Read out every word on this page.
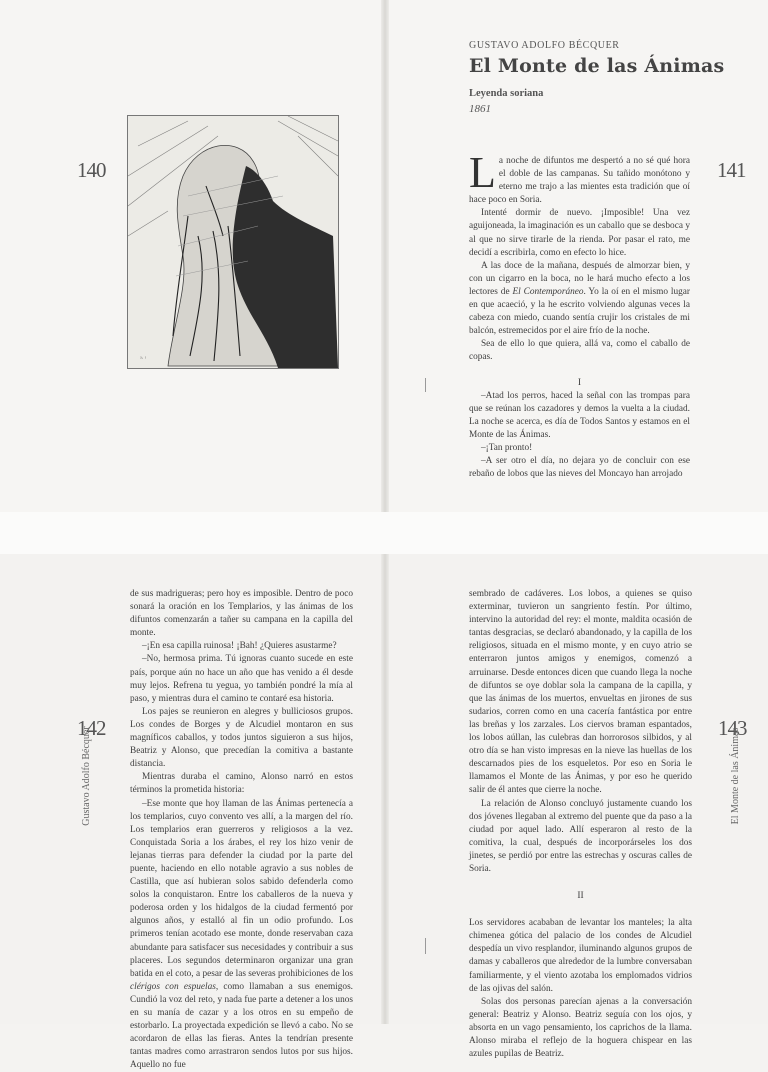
140	141
ᵃ· ᶦ
GUSTAVO ADOLFO BÉCQUER
El Monte de las Ánimas
Leyenda soriana
1861

La noche de difuntos me despertó a no sé qué hora el doble de las campanas. Su tañido monótono y eterno me trajo a las mientes esta tradición que oí hace poco en Soria.

Intenté dormir de nuevo. ¡Imposible! Una vez aguijoneada, la imaginación es un caballo que se desboca y al que no sirve tirarle de la rienda. Por pasar el rato, me decidí a escribirla, como en efecto lo hice.

A las doce de la mañana, después de almorzar bien, y con un cigarro en la boca, no le hará mucho efecto a los lectores de El Contemporáneo. Yo la oí en el mismo lugar en que acaeció, y la he escrito volviendo algunas veces la cabeza con miedo, cuando sentía crujir los cristales de mi balcón, estremecidos por el aire frío de la noche.

Sea de ello lo que quiera, allá va, como el caballo de copas.

I

–Atad los perros, haced la señal con las trompas para que se reúnan los cazadores y demos la vuelta a la ciudad. La noche se acerca, es día de Todos Santos y estamos en el Monte de las Ánimas.

–¡Tan pronto!

–A ser otro el día, no dejara yo de concluir con ese rebaño de lobos que las nieves del Moncayo han arrojado

142	143
Gustavo Adolfo Bécquer	El Monte de las Ánimas

de sus madrigueras; pero hoy es imposible. Dentro de poco sonará la oración en los Templarios, y las ánimas de los difuntos comenzarán a tañer su campana en la capilla del monte.

–¡En esa capilla ruinosa! ¡Bah! ¿Quieres asustarme?

–No, hermosa prima. Tú ignoras cuanto sucede en este país, porque aún no hace un año que has venido a él desde muy lejos. Refrena tu yegua, yo también pondré la mía al paso, y mientras dura el camino te contaré esa historia.

Los pajes se reunieron en alegres y bulliciosos grupos. Los condes de Borges y de Alcudiel montaron en sus magníficos caballos, y todos juntos siguieron a sus hijos, Beatriz y Alonso, que precedían la comitiva a bastante distancia.

Mientras duraba el camino, Alonso narró en estos términos la prometida historia:

–Ese monte que hoy llaman de las Ánimas pertenecía a los templarios, cuyo convento ves allí, a la margen del río. Los templarios eran guerreros y religiosos a la vez. Conquistada Soria a los árabes, el rey los hizo venir de lejanas tierras para defender la ciudad por la parte del puente, haciendo en ello notable agravio a sus nobles de Castilla, que así hubieran solos sabido defenderla como solos la conquistaron. Entre los caballeros de la nueva y poderosa orden y los hidalgos de la ciudad fermentó por algunos años, y estalló al fin un odio profundo. Los primeros tenían acotado ese monte, donde reservaban caza abundante para satisfacer sus necesidades y contribuir a sus placeres. Los segundos determinaron organizar una gran batida en el coto, a pesar de las severas prohibiciones de los clérigos con espuelas, como llamaban a sus enemigos. Cundió la voz del reto, y nada fue parte a detener a los unos en su manía de cazar y a los otros en su empeño de estorbarlo. La proyectada expedición se llevó a cabo. No se acordaron de ellas las fieras. Antes la tendrían presente tantas madres como arrastraron sendos lutos por sus hijos. Aquello no fue

sembrado de cadáveres. Los lobos, a quienes se quiso exterminar, tuvieron un sangriento festín. Por último, intervino la autoridad del rey: el monte, maldita ocasión de tantas desgracias, se declaró abandonado, y la capilla de los religiosos, situada en el mismo monte, y en cuyo atrio se enterraron juntos amigos y enemigos, comenzó a arruinarse. Desde entonces dicen que cuando llega la noche de difuntos se oye doblar sola la campana de la capilla, y que las ánimas de los muertos, envueltas en jirones de sus sudarios, corren como en una cacería fantástica por entre las breñas y los zarzales. Los ciervos braman espantados, los lobos aúllan, las culebras dan horrorosos silbidos, y al otro día se han visto impresas en la nieve las huellas de los descarnados pies de los esqueletos. Por eso en Soria le llamamos el Monte de las Ánimas, y por eso he querido salir de él antes que cierre la noche.

La relación de Alonso concluyó justamente cuando los dos jóvenes llegaban al extremo del puente que da paso a la ciudad por aquel lado. Allí esperaron al resto de la comitiva, la cual, después de incorporárseles los dos jinetes, se perdió por entre las estrechas y oscuras calles de Soria.

II

Los servidores acababan de levantar los manteles; la alta chimenea gótica del palacio de los condes de Alcudiel despedía un vivo resplandor, iluminando algunos grupos de damas y caballeros que alrededor de la lumbre conversaban familiarmente, y el viento azotaba los emplomados vidrios de las ojivas del salón.

Solas dos personas parecían ajenas a la conversación general: Beatriz y Alonso. Beatriz seguía con los ojos, y absorta en un vago pensamiento, los caprichos de la llama. Alonso miraba el reflejo de la hoguera chispear en las azules pupilas de Beatriz.
